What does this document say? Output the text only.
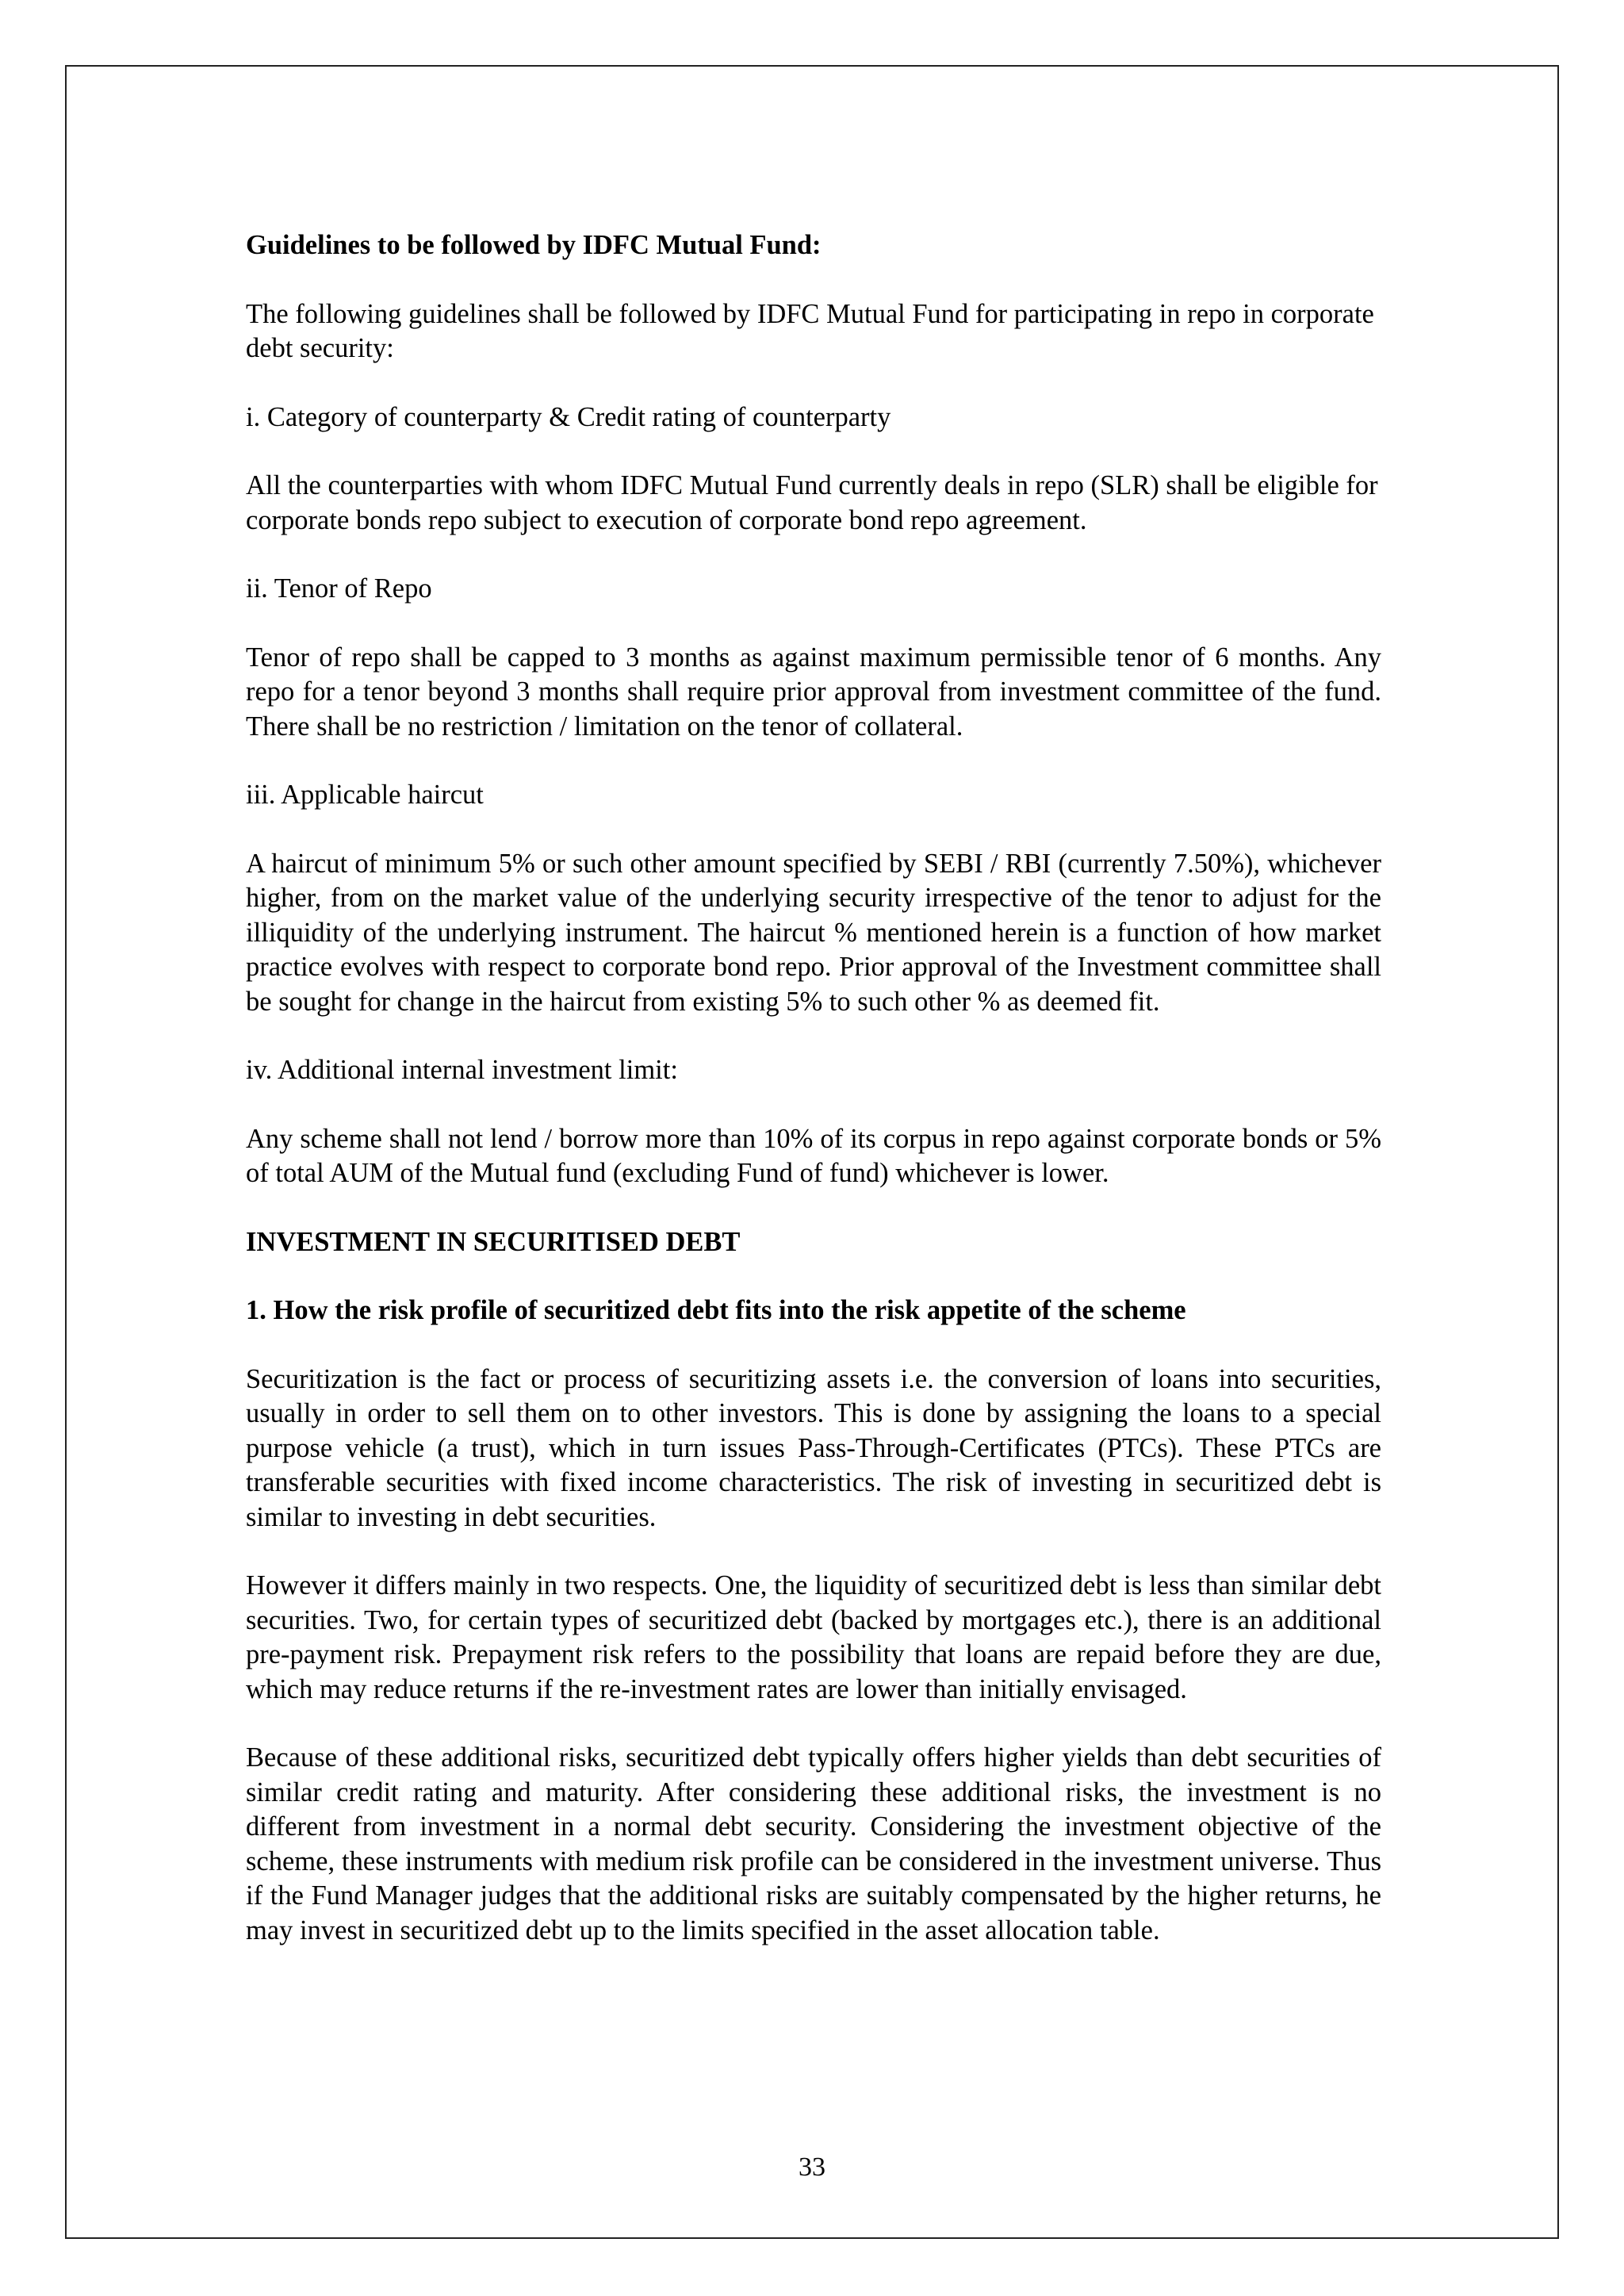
Guidelines to be followed by IDFC Mutual Fund:

The following guidelines shall be followed by IDFC Mutual Fund for participating in repo in corporate debt security:

i. Category of counterparty & Credit rating of counterparty

All the counterparties with whom IDFC Mutual Fund currently deals in repo (SLR) shall be eligible for corporate bonds repo subject to execution of corporate bond repo agreement.

ii. Tenor of Repo

Tenor of repo shall be capped to 3 months as against maximum permissible tenor of 6 months. Any repo for a tenor beyond 3 months shall require prior approval from investment committee of the fund. There shall be no restriction / limitation on the tenor of collateral.

iii. Applicable haircut

A haircut of minimum 5% or such other amount specified by SEBI / RBI (currently 7.50%), whichever higher, from on the market value of the underlying security irrespective of the tenor to adjust for the illiquidity of the underlying instrument. The haircut % mentioned herein is a function of how market practice evolves with respect to corporate bond repo. Prior approval of the Investment committee shall be sought for change in the haircut from existing 5% to such other % as deemed fit.

iv. Additional internal investment limit:

Any scheme shall not lend / borrow more than 10% of its corpus in repo against corporate bonds or 5% of total AUM of the Mutual fund (excluding Fund of fund) whichever is lower.

INVESTMENT IN SECURITISED DEBT
1. How the risk profile of securitized debt fits into the risk appetite of the scheme

Securitization is the fact or process of securitizing assets i.e. the conversion of loans into securities, usually in order to sell them on to other investors. This is done by assigning the loans to a special purpose vehicle (a trust), which in turn issues Pass-Through-Certificates (PTCs). These PTCs are transferable securities with fixed income characteristics. The risk of investing in securitized debt is similar to investing in debt securities.

However it differs mainly in two respects. One, the liquidity of securitized debt is less than similar debt securities. Two, for certain types of securitized debt (backed by mortgages etc.), there is an additional pre-payment risk. Prepayment risk refers to the possibility that loans are repaid before they are due, which may reduce returns if the re-investment rates are lower than initially envisaged.

Because of these additional risks, securitized debt typically offers higher yields than debt securities of similar credit rating and maturity. After considering these additional risks, the investment is no different from investment in a normal debt security. Considering the investment objective of the scheme, these instruments with medium risk profile can be considered in the investment universe. Thus if the Fund Manager judges that the additional risks are suitably compensated by the higher returns, he may invest in securitized debt up to the limits specified in the asset allocation table.

33
